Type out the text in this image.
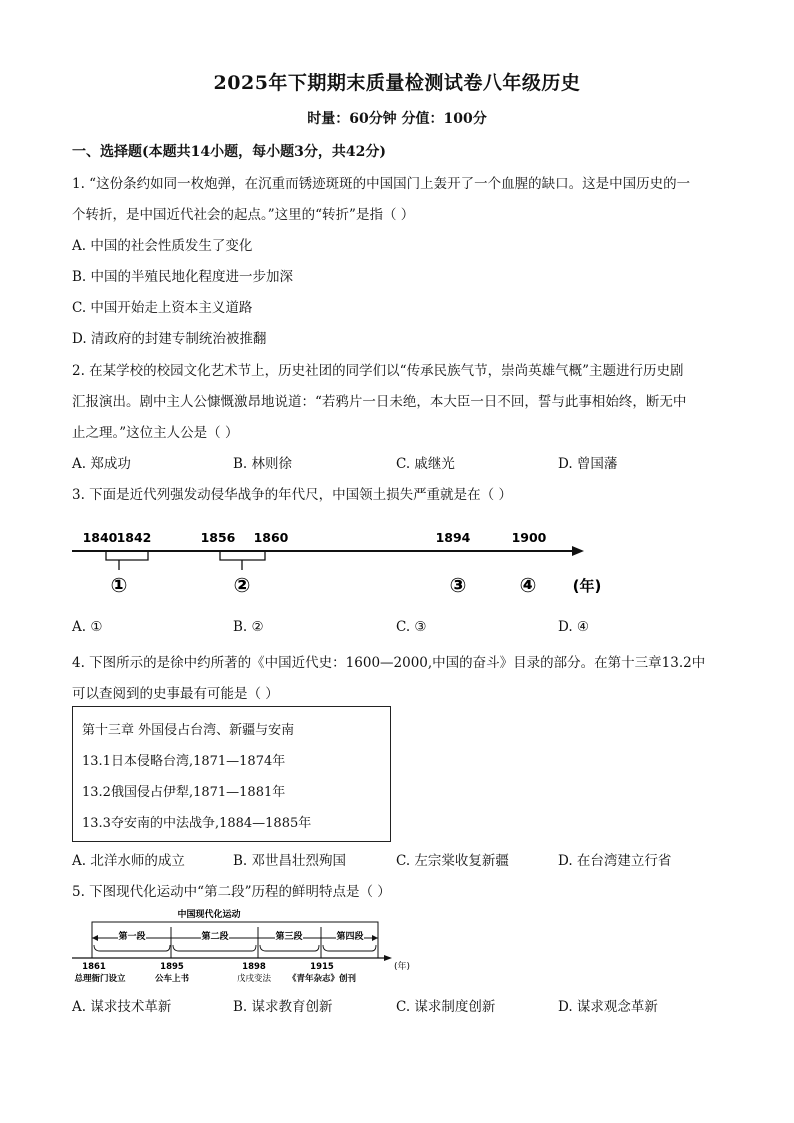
2025年下期期末质量检测试卷八年级历史
时量：60分钟 分值：100分
一、选择题(本题共14小题，每小题3分，共42分)
1. “这份条约如同一枚炮弹，在沉重而锈迹斑斑的中国国门上轰开了一个血腥的缺口。这是中国历史的一
个转折，是中国近代社会的起点。”这里的“转折”是指（ ）
A. 中国的社会性质发生了变化
B. 中国的半殖民地化程度进一步加深
C. 中国开始走上资本主义道路
D. 清政府的封建专制统治被推翻
2. 在某学校的校园文化艺术节上，历史社团的同学们以“传承民族气节，崇尚英雄气概”主题进行历史剧
汇报演出。剧中主人公慷慨激昂地说道：“若鸦片一日未绝，本大臣一日不回，誓与此事相始终，断无中
止之理。”这位主人公是（ ）
A. 郑成功	B. 林则徐	C. 戚继光	D. 曾国藩
3. 下面是近代列强发动侵华战争的年代尺，中国领土损失严重就是在（ ）
1840 1842	1856 1860	1894	1900
①	②	③	④ (年)
A. ①	B. ②	C. ③	D. ④
4. 下图所示的是徐中约所著的《中国近代史：1600—2000,中国的奋斗》目录的部分。在第十三章13.2中
可以查阅到的史事最有可能是（ ）
第十三章 外国侵占台湾、新疆与安南
13.1日本侵略台湾,1871—1874年
13.2俄国侵占伊犁,1871—1881年
13.3夺安南的中法战争,1884—1885年
A. 北洋水师的成立	B. 邓世昌壮烈殉国	C. 左宗棠收复新疆	D. 在台湾建立行省
5. 下图现代化运动中“第二段”历程的鲜明特点是（ ）
中国现代化运动
第一段	第二段	第三段	第四段
(年)
1861	1895	1898	1915
总理衙门设立	公车上书	戊戌变法 《青年杂志》创刊
A. 谋求技术革新	B. 谋求教育创新	C. 谋求制度创新	D. 谋求观念革新
